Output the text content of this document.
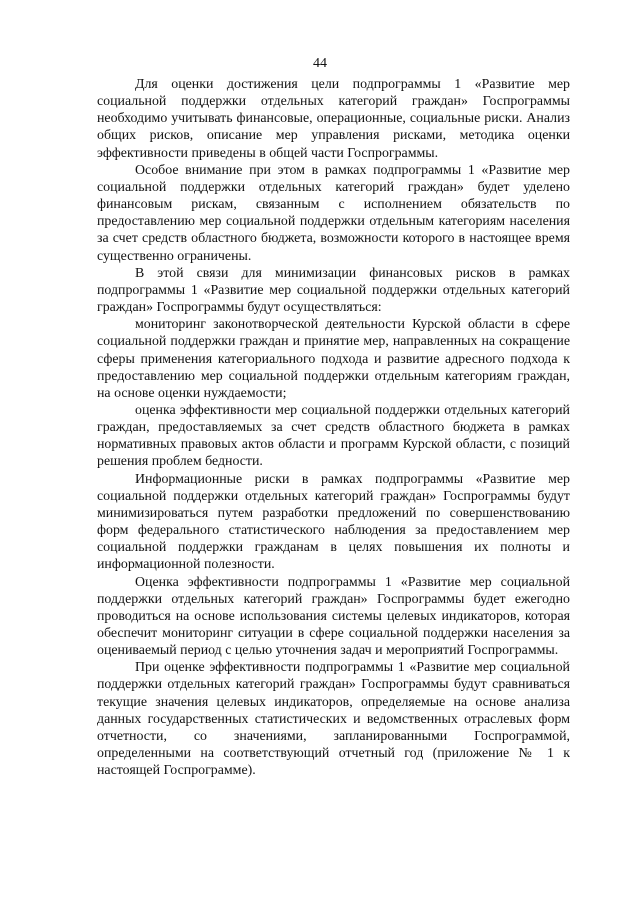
44

Для оценки достижения цели подпрограммы 1 «Развитие мер социальной поддержки отдельных категорий граждан» Госпрограммы необходимо учитывать финансовые, операционные, социальные риски. Анализ общих рисков, описание мер управления рисками, методика оценки эффективности приведены в общей части Госпрограммы.

Особое внимание при этом в рамках подпрограммы 1 «Развитие мер социальной поддержки отдельных категорий граждан» будет уделено финансовым рискам, связанным с исполнением обязательств по предоставлению мер социальной поддержки отдельным категориям населения за счет средств областного бюджета, возможности которого в настоящее время существенно ограничены.

В этой связи для минимизации финансовых рисков в рамках подпрограммы 1 «Развитие мер социальной поддержки отдельных категорий граждан» Госпрограммы будут осуществляться:

мониторинг законотворческой деятельности Курской области в сфере социальной поддержки граждан и принятие мер, направленных на сокращение сферы применения категориального подхода и развитие адресного подхода к предоставлению мер социальной поддержки отдельным категориям граждан, на основе оценки нуждаемости;

оценка эффективности мер социальной поддержки отдельных категорий граждан, предоставляемых за счет средств областного бюджета в рамках нормативных правовых актов области и программ Курской области, с позиций решения проблем бедности.

Информационные риски в рамках подпрограммы «Развитие мер социальной поддержки отдельных категорий граждан» Госпрограммы будут минимизироваться путем разработки предложений по совершенствованию форм федерального статистического наблюдения за предоставлением мер социальной поддержки гражданам в целях повышения их полноты и информационной полезности.

Оценка эффективности подпрограммы 1 «Развитие мер социальной поддержки отдельных категорий граждан» Госпрограммы будет ежегодно проводиться на основе использования системы целевых индикаторов, которая обеспечит мониторинг ситуации в сфере социальной поддержки населения за оцениваемый период с целью уточнения задач и мероприятий Госпрограммы.

При оценке эффективности подпрограммы 1 «Развитие мер социальной поддержки отдельных категорий граждан» Госпрограммы будут сравниваться текущие значения целевых индикаторов, определяемые на основе анализа данных государственных статистических и ведомственных отраслевых форм отчетности, со значениями, запланированными Госпрограммой, определенными на соответствующий отчетный год (приложение № 1 к настоящей Госпрограмме).
